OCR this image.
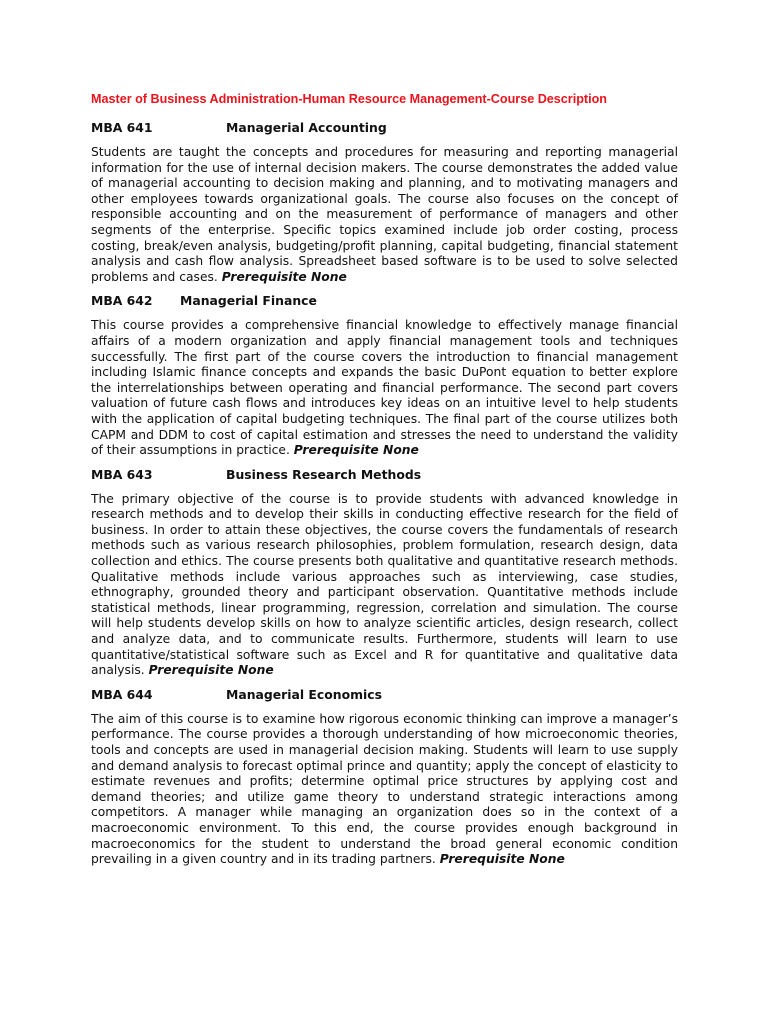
Master of Business Administration-Human Resource Management-Course Description
MBA 641	Managerial Accounting

Students are taught the concepts and procedures for measuring and reporting managerial information for the use of internal decision makers. The course demonstrates the added value of managerial accounting to decision making and planning, and to motivating managers and other employees towards organizational goals. The course also focuses on the concept of responsible accounting and on the measurement of performance of managers and other segments of the enterprise. Specific topics examined include job order costing, process costing, break/even analysis, budgeting/profit planning, capital budgeting, financial statement analysis and cash flow analysis. Spreadsheet based software is to be used to solve selected problems and cases. Prerequisite None

MBA 642 Managerial Finance

This course provides a comprehensive financial knowledge to effectively manage financial affairs of a modern organization and apply financial management tools and techniques successfully. The first part of the course covers the introduction to financial management including Islamic finance concepts and expands the basic DuPont equation to better explore the interrelationships between operating and financial performance. The second part covers valuation of future cash flows and introduces key ideas on an intuitive level to help students with the application of capital budgeting techniques. The final part of the course utilizes both CAPM and DDM to cost of capital estimation and stresses the need to understand the validity of their assumptions in practice. Prerequisite None

MBA 643	Business Research Methods

The primary objective of the course is to provide students with advanced knowledge in research methods and to develop their skills in conducting effective research for the field of business. In order to attain these objectives, the course covers the fundamentals of research methods such as various research philosophies, problem formulation, research design, data collection and ethics. The course presents both qualitative and quantitative research methods. Qualitative methods include various approaches such as interviewing, case studies, ethnography, grounded theory and participant observation. Quantitative methods include statistical methods, linear programming, regression, correlation and simulation. The course will help students develop skills on how to analyze scientific articles, design research, collect and analyze data, and to communicate results. Furthermore, students will learn to use quantitative/statistical software such as Excel and R for quantitative and qualitative data analysis. Prerequisite None

MBA 644	Managerial Economics

The aim of this course is to examine how rigorous economic thinking can improve a manager’s performance. The course provides a thorough understanding of how microeconomic theories, tools and concepts are used in managerial decision making. Students will learn to use supply and demand analysis to forecast optimal prince and quantity; apply the concept of elasticity to estimate revenues and profits; determine optimal price structures by applying cost and demand theories; and utilize game theory to understand strategic interactions among competitors. A manager while managing an organization does so in the context of a macroeconomic environment. To this end, the course provides enough background in macroeconomics for the student to understand the broad general economic condition prevailing in a given country and in its trading partners. Prerequisite None
